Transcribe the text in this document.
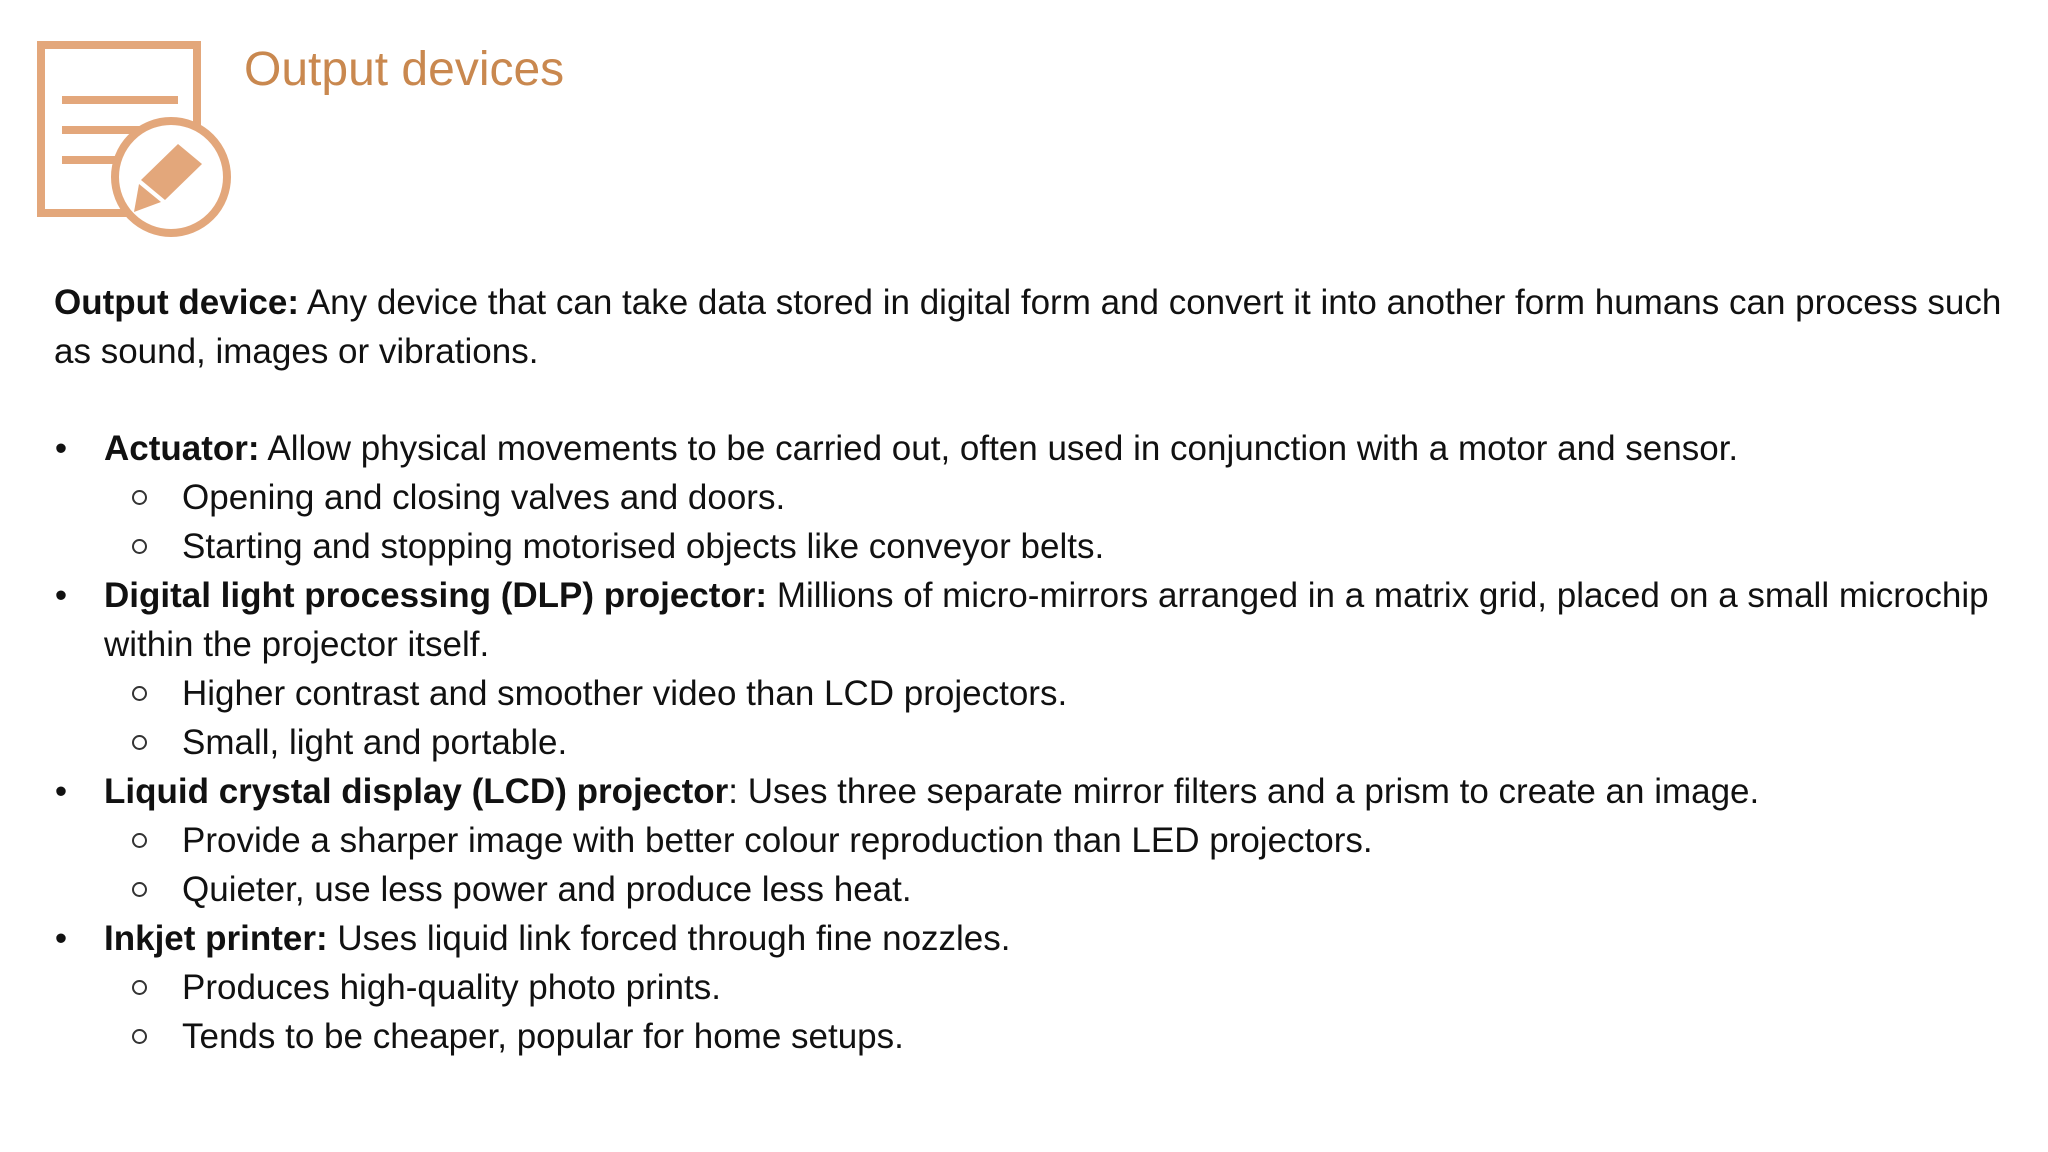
Output devices

Output device: Any device that can take data stored in digital form and convert it into another form humans can process such as sound, images or vibrations.

• Actuator: Allow physical movements to be carried out, often used in conjunction with a motor and sensor.
Opening and closing valves and doors.
Starting and stopping motorised objects like conveyor belts.
• Digital light processing (DLP) projector: Millions of micro-mirrors arranged in a matrix grid, placed on a small microchip within the projector itself.
Higher contrast and smoother video than LCD projectors.
Small, light and portable.
• Liquid crystal display (LCD) projector: Uses three separate mirror filters and a prism to create an image.
Provide a sharper image with better colour reproduction than LED projectors.
Quieter, use less power and produce less heat.
• Inkjet printer: Uses liquid link forced through fine nozzles.
Produces high-quality photo prints.
Tends to be cheaper, popular for home setups.
